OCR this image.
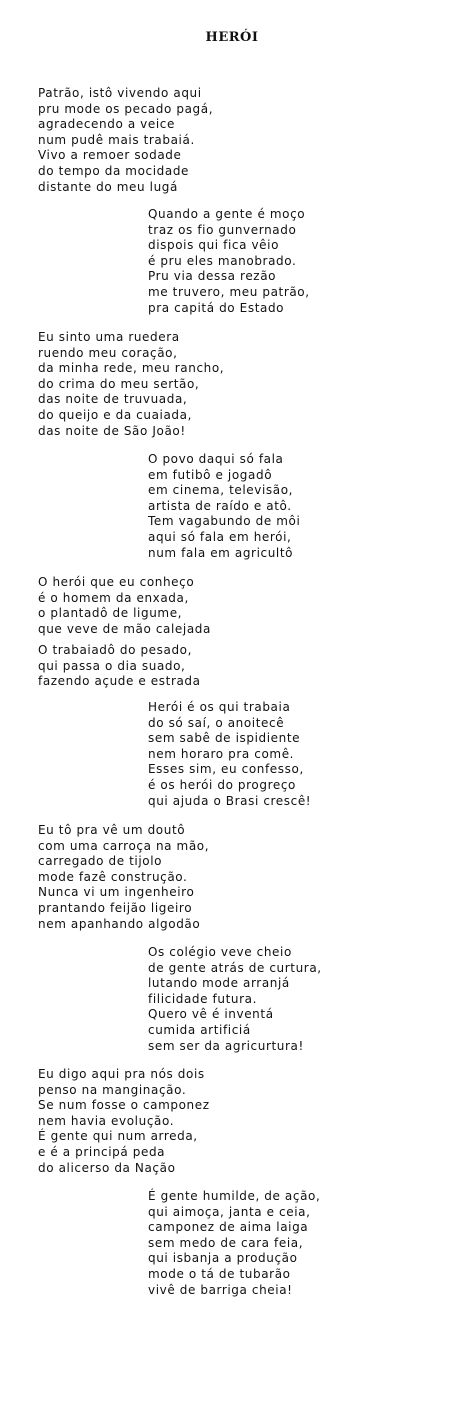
HERÓI
Patrão, istô vivendo aqui
pru mode os pecado pagá,
agradecendo a veice
num pudê mais trabaiá.
Vivo a remoer sodade
do tempo da mocidade
distante do meu lugá
Quando a gente é moço
traz os fio gunvernado
dispois qui fica vêio
é pru eles manobrado.
Pru via dessa rezão
me truvero, meu patrão,
pra capitá do Estado
Eu sinto uma ruedera
ruendo meu coração,
da minha rede, meu rancho,
do crima do meu sertão,
das noite de truvuada,
do queijo e da cuaiada,
das noite de São João!
O povo daqui só fala
em futibô e jogadô
em cinema, televisão,
artista de raído e atô.
Tem vagabundo de môi
aqui só fala em herói,
num fala em agricultô
O herói que eu conheço
é o homem da enxada,
o plantadô de ligume,
que veve de mão calejada
O trabaiadô do pesado,
qui passa o dia suado,
fazendo açude e estrada
Herói é os qui trabaia
do só saí, o anoitecê
sem sabê de ispidiente
nem horaro pra comê.
Esses sim, eu confesso,
é os herói do progreço
qui ajuda o Brasi crescê!
Eu tô pra vê um doutô
com uma carroça na mão,
carregado de tijolo
mode fazê construção.
Nunca vi um ingenheiro
prantando feijão ligeiro
nem apanhando algodão
Os colégio veve cheio
de gente atrás de curtura,
lutando mode arranjá
filicidade futura.
Quero vê é inventá
cumida artificiá
sem ser da agricurtura!
Eu digo aqui pra nós dois
penso na manginação.
Se num fosse o camponez
nem havia evolução.
É gente qui num arreda,
e é a principá peda
do alicerso da Nação
É gente humilde, de ação,
qui aimoça, janta e ceia,
camponez de aima laiga
sem medo de cara feia,
qui isbanja a produção
mode o tá de tubarão
vivê de barriga cheia!
